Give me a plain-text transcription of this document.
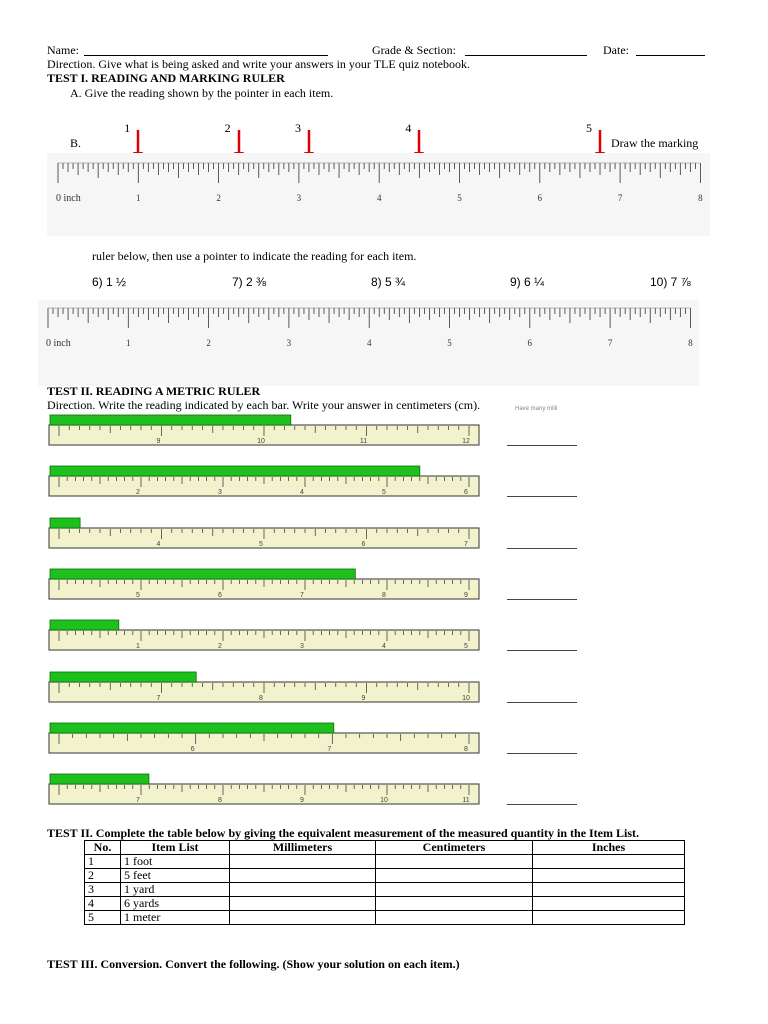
Name:	Grade & Section:	Date:
Direction. Give what is being asked and write your answers in your TLE quiz notebook.
TEST I. READING AND MARKING RULER
A. Give the reading shown by the pointer in each item.
B.	Draw the marking
1	2	3	4	5
0 inch	1	2	3	4	5	6	7	8
ruler below, then use a pointer to indicate the reading for each item.
6) 1 ½	7) 2 ⅜	8) 5 ¾	9) 6 ¼	10) 7 ⅞
0 inch	1	2	3	4	5	6	7	8
TEST II. READING A METRIC RULER
Direction. Write the reading indicated by each bar. Write your answer in centimeters (cm).	Have many milli
9	10	11	12
2	3	4	5	6
4	5	6	7
5	6	7	8	9
1	2	3	4	5
7	8	9	10
6	7	8
7	8	9	10	11
TEST II. Complete the table below by giving the equivalent measurement of the measured quantity in the Item List.
No.	Item List	Millimeters	Centimeters	Inches
1	1 foot			
2	5 feet			
3	1 yard			
4	6 yards			
5	1 meter			
TEST III. Conversion. Convert the following. (Show your solution on each item.)
